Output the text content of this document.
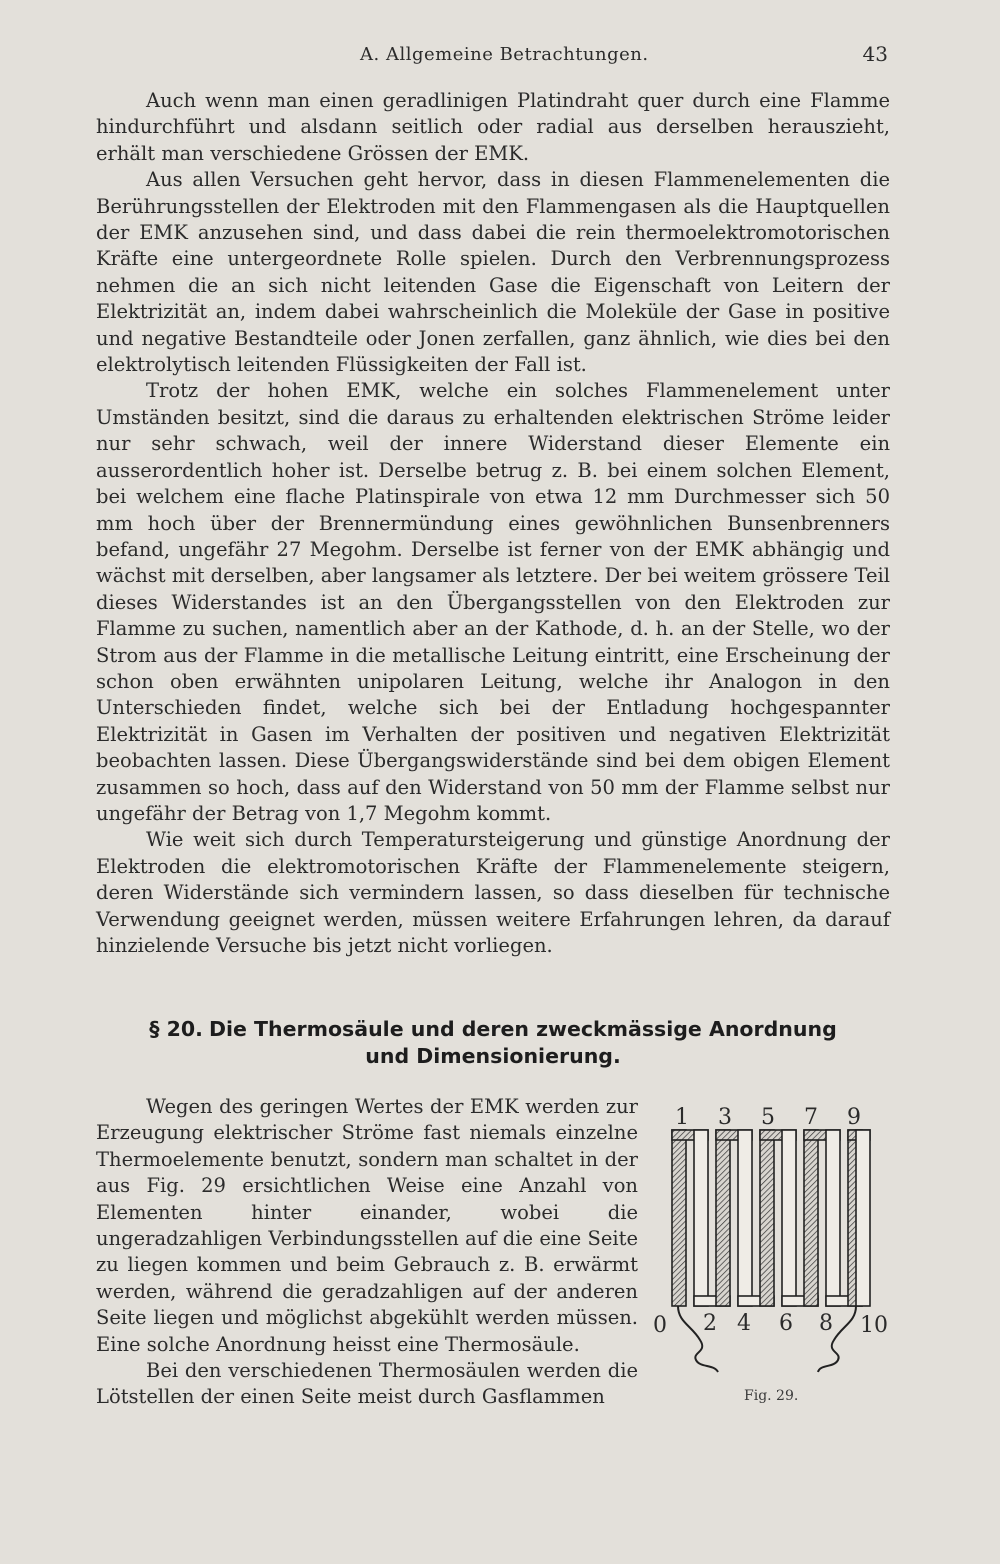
A. Allgemeine Betrachtungen.	43

Auch wenn man einen geradlinigen Platindraht quer durch eine Flamme hindurchführt und alsdann seitlich oder radial aus derselben herauszieht, erhält man verschiedene Grössen der EMK.

Aus allen Versuchen geht hervor, dass in diesen Flammenelementen die Berührungsstellen der Elektroden mit den Flammengasen als die Hauptquellen der EMK anzusehen sind, und dass dabei die rein thermoelektromotorischen Kräfte eine untergeordnete Rolle spielen. Durch den Verbrennungsprozess nehmen die an sich nicht leitenden Gase die Eigenschaft von Leitern der Elektrizität an, indem dabei wahrscheinlich die Moleküle der Gase in positive und negative Bestandteile oder Jonen zerfallen, ganz ähnlich, wie dies bei den elektrolytisch leitenden Flüssigkeiten der Fall ist.

Trotz der hohen EMK, welche ein solches Flammenelement unter Umständen besitzt, sind die daraus zu erhaltenden elektrischen Ströme leider nur sehr schwach, weil der innere Widerstand dieser Elemente ein ausserordentlich hoher ist. Derselbe betrug z. B. bei einem solchen Element, bei welchem eine flache Platinspirale von etwa 12 mm Durchmesser sich 50 mm hoch über der Brennermündung eines gewöhnlichen Bunsenbrenners befand, ungefähr 27 Megohm. Derselbe ist ferner von der EMK abhängig und wächst mit derselben, aber langsamer als letztere. Der bei weitem grössere Teil dieses Widerstandes ist an den Übergangsstellen von den Elektroden zur Flamme zu suchen, namentlich aber an der Kathode, d. h. an der Stelle, wo der Strom aus der Flamme in die metallische Leitung eintritt, eine Erscheinung der schon oben erwähnten unipolaren Leitung, welche ihr Analogon in den Unterschieden findet, welche sich bei der Entladung hochgespannter Elektrizität in Gasen im Verhalten der positiven und negativen Elektrizität beobachten lassen. Diese Übergangswiderstände sind bei dem obigen Element zusammen so hoch, dass auf den Widerstand von 50 mm der Flamme selbst nur ungefähr der Betrag von 1,7 Megohm kommt.

Wie weit sich durch Temperatursteigerung und günstige Anordnung der Elektroden die elektromotorischen Kräfte der Flammenelemente steigern, deren Widerstände sich vermindern lassen, so dass dieselben für technische Verwendung geeignet werden, müssen weitere Erfahrungen lehren, da darauf hinzielende Versuche bis jetzt nicht vorliegen.

§ 20. Die Thermosäule und deren zweckmässige Anordnung
und Dimensionierung.

Wegen des geringen Wertes der EMK werden zur Erzeugung elektrischer Ströme fast niemals einzelne Thermoelemente benutzt, sondern man schaltet in der aus Fig. 29 ersichtlichen Weise eine Anzahl von Elementen hinter einander, wobei die ungeradzahligen Verbindungsstellen auf die eine Seite zu liegen kommen und beim Gebrauch z. B. erwärmt werden, während die geradzahligen auf der anderen Seite liegen und möglichst abgekühlt werden müssen. Eine solche Anordnung heisst eine Thermosäule.

Bei den verschiedenen Thermosäulen werden die Lötstellen der einen Seite meist durch Gasflammen

1 3 5 7 9
0 2 4 6 8 10
Fig. 29.
